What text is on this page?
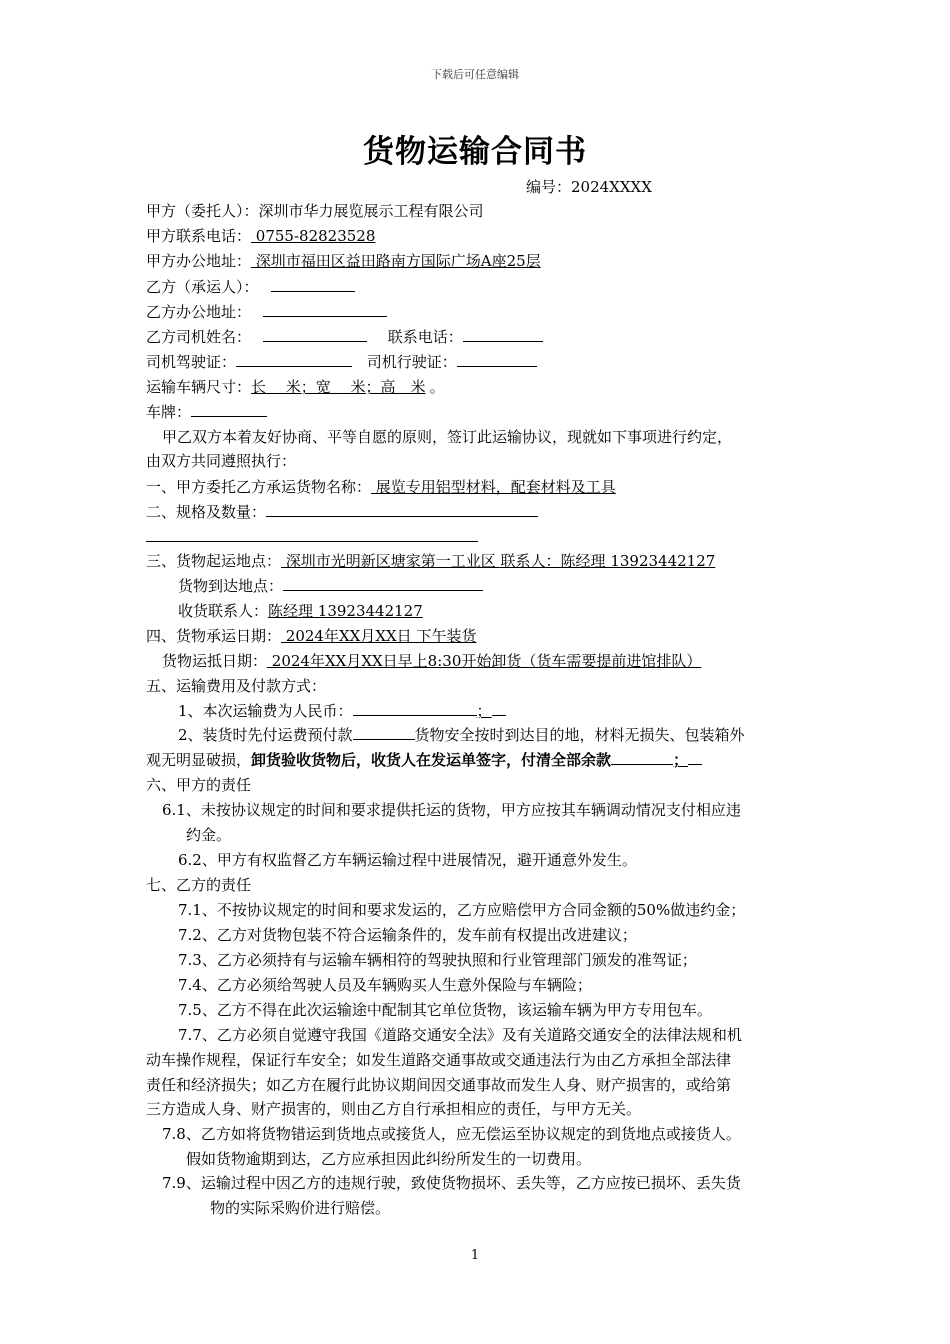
下载后可任意编辑
货物运输合同书
编号：2024XXXX
甲方（委托人）：深圳市华力展览展示工程有限公司
甲方联系电话： 0755-82823528
甲方办公地址： 深圳市福田区益田路南方国际广场A座25层
乙方（承运人）：
乙方办公地址：
乙方司机姓名：	联系电话：
司机驾驶证：	司机行驶证：
运输车辆尺寸：长　 米；宽　 米；高　米 。
车牌：
甲乙双方本着友好协商、平等自愿的原则，签订此运输协议，现就如下事项进行约定，
由双方共同遵照执行：
一、甲方委托乙方承运货物名称： 展览专用铝型材料，配套材料及工具
二、规格及数量：
三、货物起运地点： 深圳市光明新区塘家第一工业区 联系人：陈经理 13923442127
货物到达地点：
收货联系人：陈经理 13923442127
四、货物承运日期： 2024年XX月XX日 下午装货
货物运抵日期： 2024年XX月XX日早上8:30开始卸货（货车需要提前进馆排队）
五、运输费用及付款方式：
1、本次运输费为人民币：	；
2、装货时先付运费预付款	货物安全按时到达目的地，材料无损失、包装箱外
观无明显破损，卸货验收货物后，收货人在发运单签字，付清全部余款	；
六、甲方的责任
6.1、未按协议规定的时间和要求提供托运的货物，甲方应按其车辆调动情况支付相应违
约金。
6.2、甲方有权监督乙方车辆运输过程中进展情况，避开通意外发生。
七、乙方的责任
7.1、不按协议规定的时间和要求发运的，乙方应赔偿甲方合同金额的50%做违约金；
7.2、乙方对货物包装不符合运输条件的，发车前有权提出改进建议；
7.3、乙方必须持有与运输车辆相符的驾驶执照和行业管理部门颁发的准驾证；
7.4、乙方必须给驾驶人员及车辆购买人生意外保险与车辆险；
7.5、乙方不得在此次运输途中配制其它单位货物，该运输车辆为甲方专用包车。
7.7、乙方必须自觉遵守我国《道路交通安全法》及有关道路交通安全的法律法规和机
动车操作规程，保证行车安全；如发生道路交通事故或交通违法行为由乙方承担全部法律
责任和经济损失；如乙方在履行此协议期间因交通事故而发生人身、财产损害的，或给第
三方造成人身、财产损害的，则由乙方自行承担相应的责任，与甲方无关。
7.8、乙方如将货物错运到货地点或接货人，应无偿运至协议规定的到货地点或接货人。
假如货物逾期到达，乙方应承担因此纠纷所发生的一切费用。
7.9、运输过程中因乙方的违规行驶，致使货物损坏、丢失等，乙方应按已损坏、丢失货
物的实际采购价进行赔偿。
1
